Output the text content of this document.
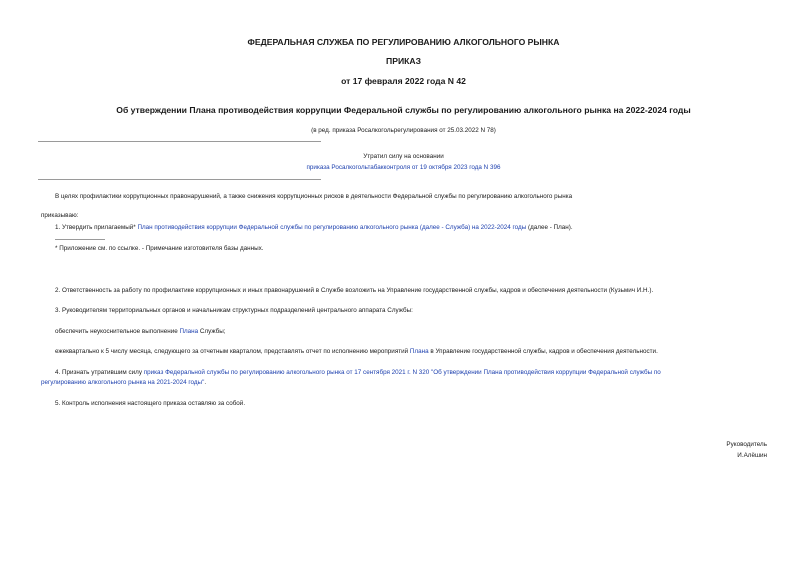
ФЕДЕРАЛЬНАЯ СЛУЖБА ПО РЕГУЛИРОВАНИЮ АЛКОГОЛЬНОГО РЫНКА
ПРИКАЗ
от 17 февраля 2022 года N 42
Об утверждении Плана противодействия коррупции Федеральной службы по регулированию алкогольного рынка на 2022-2024 годы
(в ред. приказа Росалкогольрегулирования от 25.03.2022 N 78)
Утратил силу на основании
приказа Росалкогольтабакконтроля от 19 октября 2023 года N 396
В целях профилактики коррупционных правонарушений, а также снижения коррупционных рисков в деятельности Федеральной службы по регулированию алкогольного рынка
приказываю:
1. Утвердить прилагаемый* План противодействия коррупции Федеральной службы по регулированию алкогольного рынка (далее - Служба) на 2022-2024 годы (далее - План).
* Приложение см. по ссылке. - Примечание изготовителя базы данных.
2. Ответственность за работу по профилактике коррупционных и иных правонарушений в Службе возложить на Управление государственной службы, кадров и обеспечения деятельности (Кузьмич И.Н.).
3. Руководителям территориальных органов и начальникам структурных подразделений центрального аппарата Службы:
обеспечить неукоснительное выполнение Плана Службы;
ежеквартально к 5 числу месяца, следующего за отчетным кварталом, представлять отчет по исполнению мероприятий Плана в Управление государственной службы, кадров и обеспечения деятельности.
4. Признать утратившим силу приказ Федеральной службы по регулированию алкогольного рынка от 17 сентября 2021 г. N 320 "Об утверждении Плана противодействия коррупции Федеральной службы по
регулированию алкогольного рынка на 2021-2024 годы".
5. Контроль исполнения настоящего приказа оставляю за собой.
Руководитель
И.Алёшин
